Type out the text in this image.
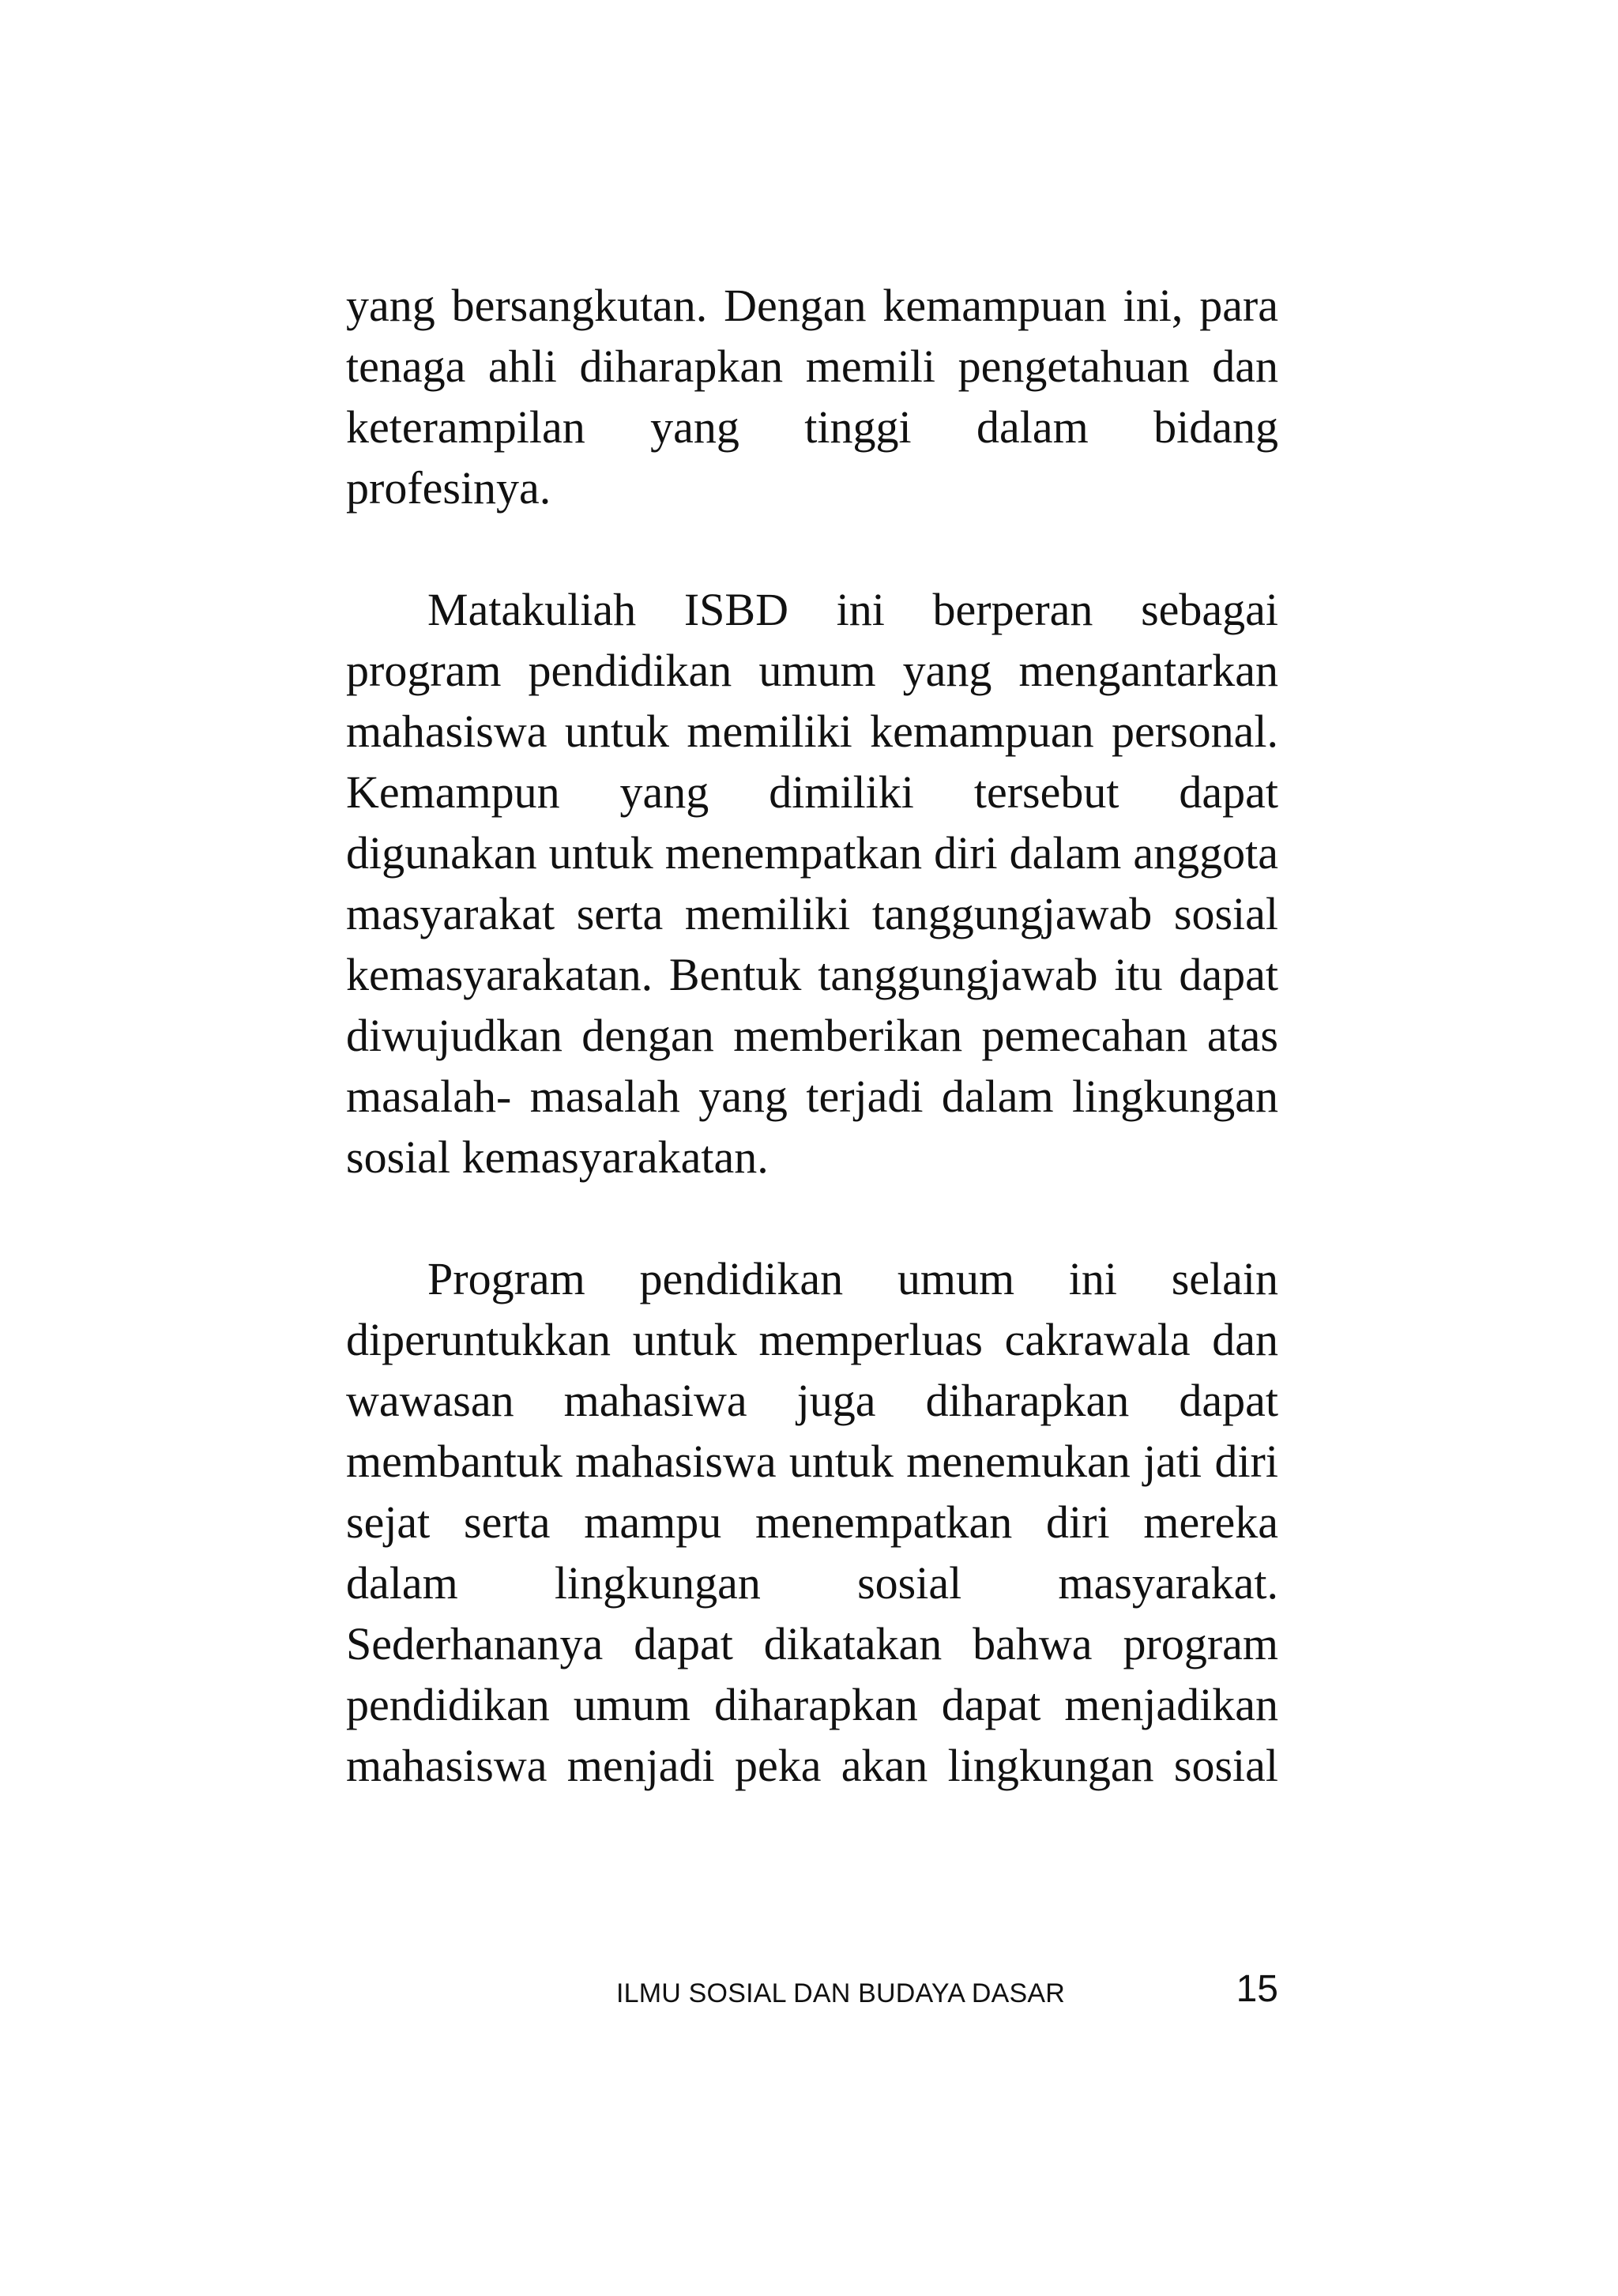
yang bersangkutan. Dengan kemampuan ini, para tenaga ahli diharapkan memili pengetahuan dan keterampilan yang tinggi dalam bidang profesinya.

Matakuliah ISBD ini berperan sebagai program pendidikan umum yang mengantarkan mahasiswa untuk memiliki kemampuan personal. Kemampun yang dimiliki tersebut dapat digunakan untuk menempatkan diri dalam anggota masyarakat serta memiliki tanggungjawab sosial kemasyarakatan. Bentuk tanggungjawab itu dapat diwujudkan dengan memberikan pemecahan atas masalah- masalah yang terjadi dalam lingkungan sosial kemasyarakatan.

Program pendidikan umum ini selain diperuntukkan untuk memperluas cakrawala dan wawasan mahasiwa juga diharapkan dapat membantuk mahasiswa untuk menemukan jati diri sejat serta mampu menempatkan diri mereka dalam lingkungan sosial masyarakat. Sederhananya dapat dikatakan bahwa program pendidikan umum diharapkan dapat menjadikan mahasiswa menjadi peka akan lingkungan sosial

ILMU SOSIAL DAN BUDAYA DASAR	15
